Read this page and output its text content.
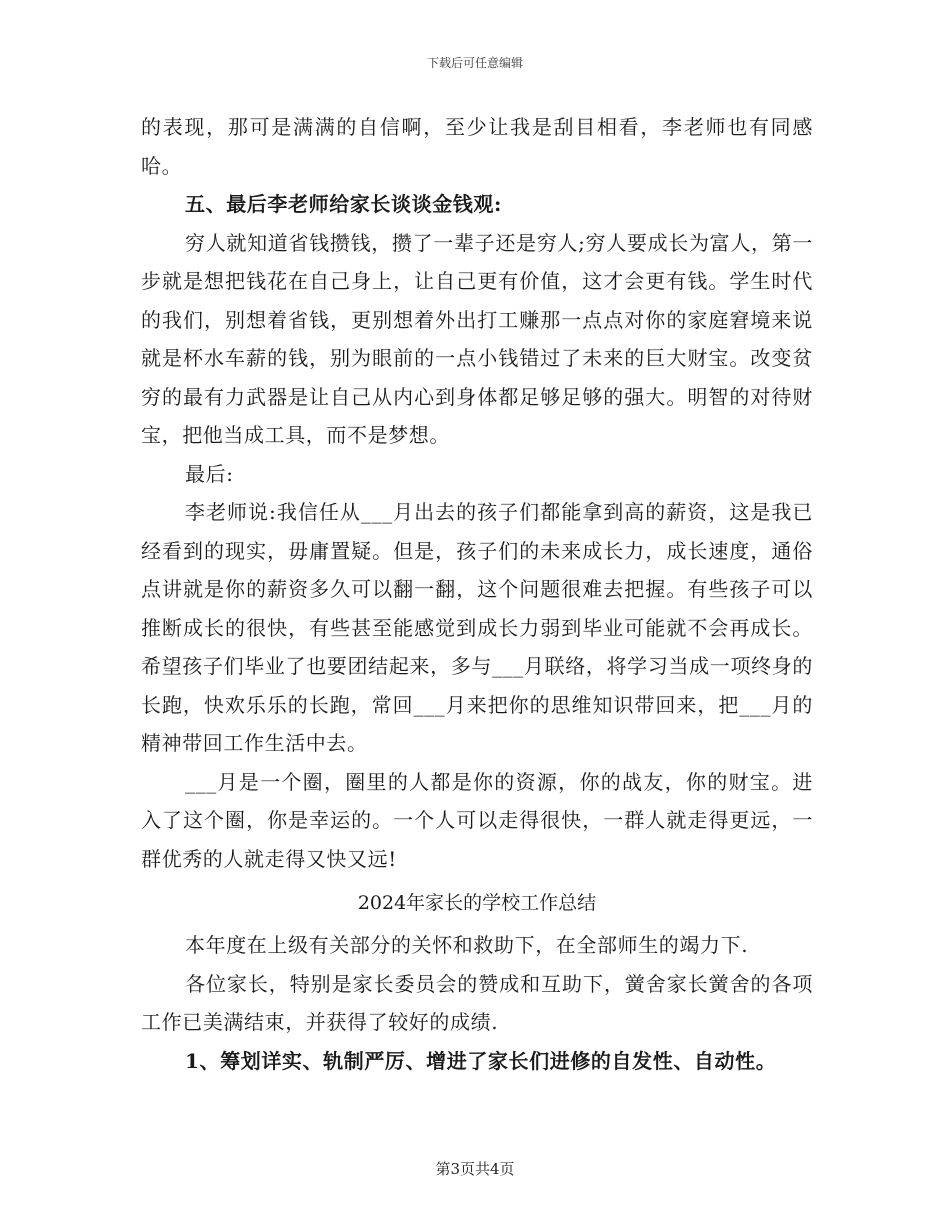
下载后可任意编辑

的表现，那可是满满的自信啊，至少让我是刮目相看，李老师也有同感哈。

五、最后李老师给家长谈谈金钱观:

穷人就知道省钱攒钱，攒了一辈子还是穷人;穷人要成长为富人，第一步就是想把钱花在自己身上，让自己更有价值，这才会更有钱。学生时代的我们，别想着省钱，更别想着外出打工赚那一点点对你的家庭窘境来说就是杯水车薪的钱，别为眼前的一点小钱错过了未来的巨大财宝。改变贫穷的最有力武器是让自己从内心到身体都足够足够的强大。明智的对待财宝，把他当成工具，而不是梦想。

最后:

李老师说:我信任从___月出去的孩子们都能拿到高的薪资，这是我已经看到的现实，毋庸置疑。但是，孩子们的未来成长力，成长速度，通俗点讲就是你的薪资多久可以翻一翻，这个问题很难去把握。有些孩子可以推断成长的很快，有些甚至能感觉到成长力弱到毕业可能就不会再成长。希望孩子们毕业了也要团结起来，多与___月联络，将学习当成一项终身的长跑，快欢乐乐的长跑，常回___月来把你的思维知识带回来，把___月的精神带回工作生活中去。

___月是一个圈，圈里的人都是你的资源，你的战友，你的财宝。进入了这个圈，你是幸运的。一个人可以走得很快，一群人就走得更远，一群优秀的人就走得又快又远!

2024年家长的学校工作总结

本年度在上级有关部分的关怀和救助下，在全部师生的竭力下.

各位家长，特别是家长委员会的赞成和互助下，黉舍家长黉舍的各项工作已美满结束，并获得了较好的成绩.

1、筹划详实、轨制严厉、增进了家长们进修的自发性、自动性。

第3页共4页
